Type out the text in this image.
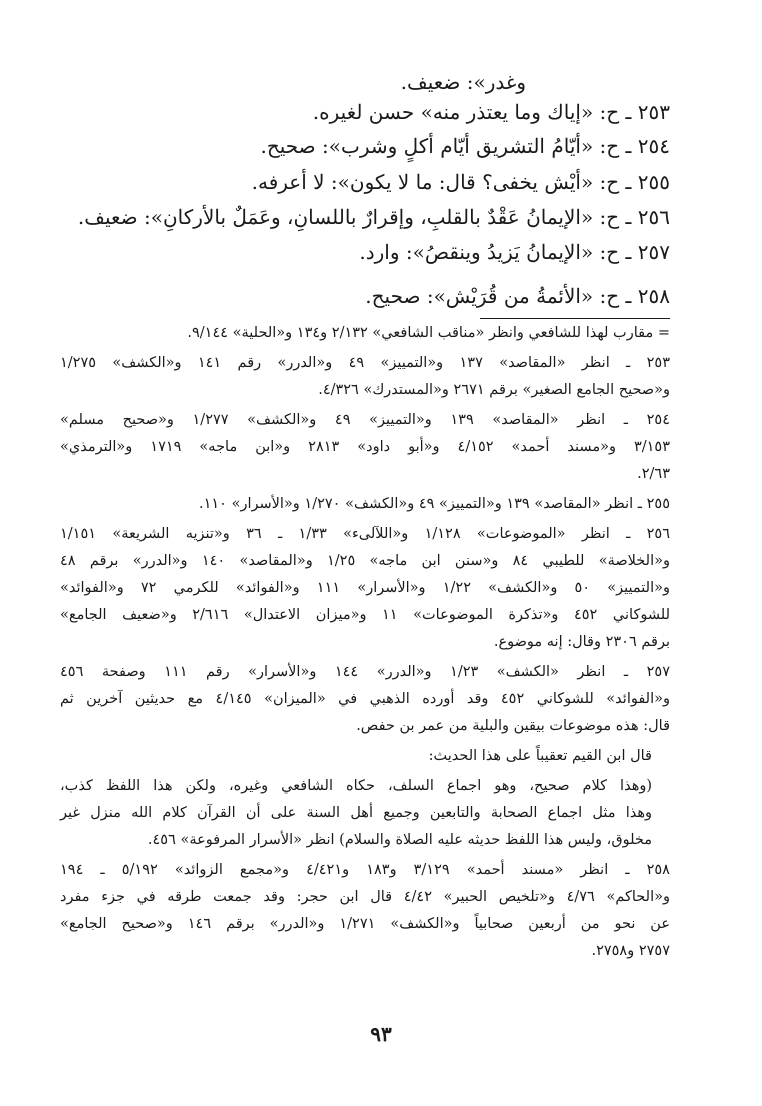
وغدر»: ضعيف.
٢٥٣ ـ ح: «إياك وما يعتذر منه» حسن لغيره.
٢٥٤ ـ ح: «أيّامُ التشريق أيّام أكلٍ وشرب»: صحيح.
٢٥٥ ـ ح: «أيْش يخفى؟ قال: ما لا يكون»: لا أعرفه.
٢٥٦ ـ ح: «الإيمانُ عَقْدٌ بالقلبِ، وإقرارٌ باللسانِ، وعَمَلٌ بالأركانِ»: ضعيف.
٢٥٧ ـ ح: «الإيمانُ يَزيدُ وينقصُ»: وارد.
٢٥٨ ـ ح: «الأئمةُ من قُرَيْش»: صحيح.
= مقارب لهذا للشافعي وانظر «مناقب الشافعي» ٢/١٣٢ و١٣٤ و«الحلية» ٩/١٤٤.
٢٥٣ ـ انظر «المقاصد» ١٣٧ و«التمييز» ٤٩ و«الدرر» رقم ١٤١ و«الكشف» ١/٢٧٥
و«صحيح الجامع الصغير» برقم ٢٦٧١ و«المستدرك» ٤/٣٢٦.
٢٥٤ ـ انظر «المقاصد» ١٣٩ و«التمييز» ٤٩ و«الكشف» ١/٢٧٧ و«صحيح مسلم»
٣/١٥٣ و«مسند أحمد» ٤/١٥٢ و«أبو داود» ٢٨١٣ و«ابن ماجه» ١٧١٩ و«الترمذي»
٢/٦٣.
٢٥٥ ـ انظر «المقاصد» ١٣٩ و«التمييز» ٤٩ و«الكشف» ١/٢٧٠ و«الأسرار» ١١٠.
٢٥٦ ـ انظر «الموضوعات» ١/١٢٨ و«اللآلىء» ١/٣٣ ـ ٣٦ و«تنزيه الشريعة» ١/١٥١
و«الخلاصة» للطيبي ٨٤ و«سنن ابن ماجه» ١/٢٥ و«المقاصد» ١٤٠ و«الدرر» برقم ٤٨
و«التمييز» ٥٠ و«الكشف» ١/٢٢ و«الأسرار» ١١١ و«الفوائد» للكرمي ٧٢ و«الفوائد»
للشوكاني ٤٥٢ و«تذكرة الموضوعات» ١١ و«ميزان الاعتدال» ٢/٦١٦ و«ضعيف الجامع»
برقم ٢٣٠٦ وقال: إنه موضوع.
٢٥٧ ـ انظر «الكشف» ١/٢٣ و«الدرر» ١٤٤ و«الأسرار» رقم ١١١ وصفحة ٤٥٦
و«الفوائد» للشوكاني ٤٥٢ وقد أورده الذهبي في «الميزان» ٤/١٤٥ مع حديثين آخرين ثم
قال: هذه موضوعات بيقين والبلية من عمر بن حفص.
قال ابن القيم تعقيباً على هذا الحديث:
(وهذا كلام صحيح، وهو اجماع السلف، حكاه الشافعي وغيره، ولكن هذا اللفظ كذب،
وهذا مثل اجماع الصحابة والتابعين وجميع أهل السنة على أن القرآن كلام الله منزل غير
مخلوق، وليس هذا اللفظ حديثه عليه الصلاة والسلام) انظر «الأسرار المرفوعة» ٤٥٦.
٢٥٨ ـ انظر «مسند أحمد» ٣/١٢٩ و١٨٣ و٤/٤٢١ و«مجمع الزوائد» ٥/١٩٢ ـ ١٩٤
و«الحاكم» ٤/٧٦ و«تلخيص الحبير» ٤/٤٢ قال ابن حجر: وقد جمعت طرقه في جزء مفرد
عن نحو من أربعين صحابياً و«الكشف» ١/٢٧١ و«الدرر» برقم ١٤٦ و«صحيح الجامع»
٢٧٥٧ و٢٧٥٨.
٩٣
